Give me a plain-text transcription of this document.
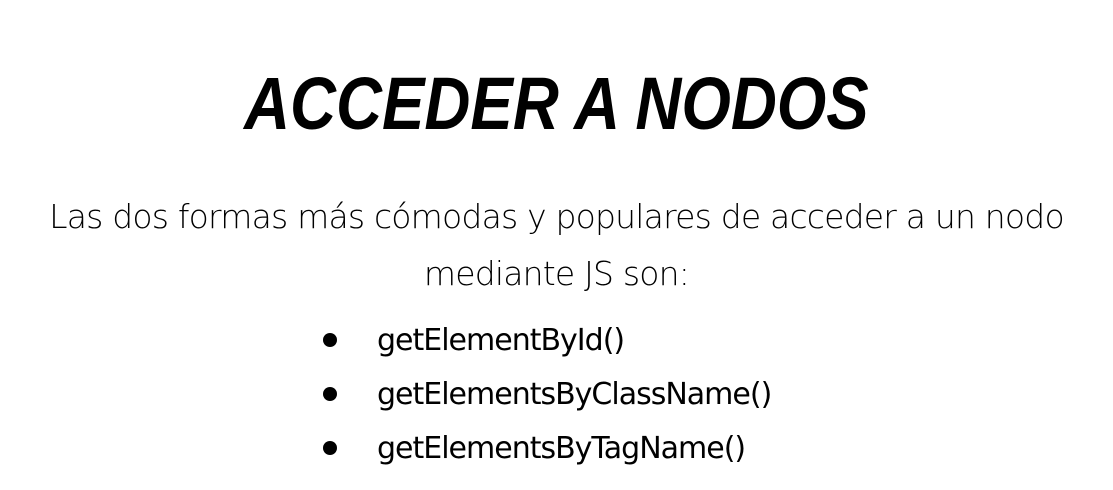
ACCEDER A NODOS

Las dos formas más cómodas y populares de acceder a un nodo mediante JS son:

getElementById()
getElementsByClassName()
getElementsByTagName()
